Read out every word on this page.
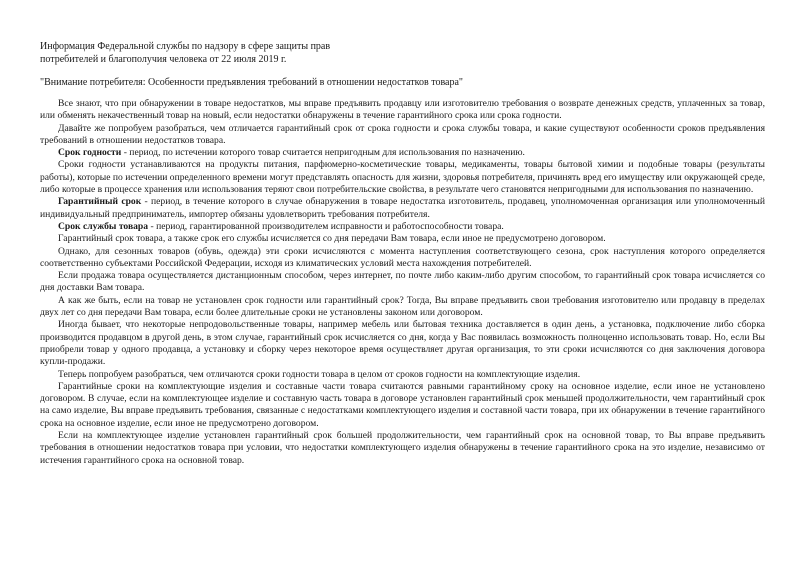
Информация Федеральной службы по надзору в сфере защиты прав
потребителей и благополучия человека от 22 июля 2019 г.
"Внимание потребителя: Особенности предъявления требований в отношении недостатков товара"

Все знают, что при обнаружении в товаре недостатков, мы вправе предъявить продавцу или изготовителю требования о возврате денежных средств, уплаченных за товар, или обменять некачественный товар на новый, если недостатки обнаружены в течение гарантийного срока или срока годности.

Давайте же попробуем разобраться, чем отличается гарантийный срок от срока годности и срока службы товара, и какие существуют особенности сроков предъявления требований в отношении недостатков товара.

Срок годности - период, по истечении которого товар считается непригодным для использования по назначению.

Сроки годности устанавливаются на продукты питания, парфюмерно-косметические товары, медикаменты, товары бытовой химии и подобные товары (результаты работы), которые по истечении определенного времени могут представлять опасность для жизни, здоровья потребителя, причинять вред его имуществу или окружающей среде, либо которые в процессе хранения или использования теряют свои потребительские свойства, в результате чего становятся непригодными для использования по назначению.

Гарантийный срок - период, в течение которого в случае обнаружения в товаре недостатка изготовитель, продавец, уполномоченная организация или уполномоченный индивидуальный предприниматель, импортер обязаны удовлетворить требования потребителя.

Срок службы товара - период, гарантированной производителем исправности и работоспособности товара.

Гарантийный срок товара, а также срок его службы исчисляется со дня передачи Вам товара, если иное не предусмотрено договором.

Однако, для сезонных товаров (обувь, одежда) эти сроки исчисляются с момента наступления соответствующего сезона, срок наступления которого определяется соответственно субъектами Российской Федерации, исходя из климатических условий места нахождения потребителей.

Если продажа товара осуществляется дистанционным способом, через интернет, по почте либо каким-либо другим способом, то гарантийный срок товара исчисляется со дня доставки Вам товара.

А как же быть, если на товар не установлен срок годности или гарантийный срок? Тогда, Вы вправе предъявить свои требования изготовителю или продавцу в пределах двух лет со дня передачи Вам товара, если более длительные сроки не установлены законом или договором.

Иногда бывает, что некоторые непродовольственные товары, например мебель или бытовая техника доставляется в один день, а установка, подключение либо сборка производится продавцом в другой день, в этом случае, гарантийный срок исчисляется со дня, когда у Вас появилась возможность полноценно использовать товар. Но, если Вы приобрели товар у одного продавца, а установку и сборку через некоторое время осуществляет другая организация, то эти сроки исчисляются со дня заключения договора купли-продажи.

Теперь попробуем разобраться, чем отличаются сроки годности товара в целом от сроков годности на комплектующие изделия.

Гарантийные сроки на комплектующие изделия и составные части товара считаются равными гарантийному сроку на основное изделие, если иное не установлено договором. В случае, если на комплектующее изделие и составную часть товара в договоре установлен гарантийный срок меньшей продолжительности, чем гарантийный срок на само изделие, Вы вправе предъявить требования, связанные с недостатками комплектующего изделия и составной части товара, при их обнаружении в течение гарантийного срока на основное изделие, если иное не предусмотрено договором.

Если на комплектующее изделие установлен гарантийный срок большей продолжительности, чем гарантийный срок на основной товар, то Вы вправе предъявить требования в отношении недостатков товара при условии, что недостатки комплектующего изделия обнаружены в течение гарантийного срока на это изделие, независимо от истечения гарантийного срока на основной товар.
